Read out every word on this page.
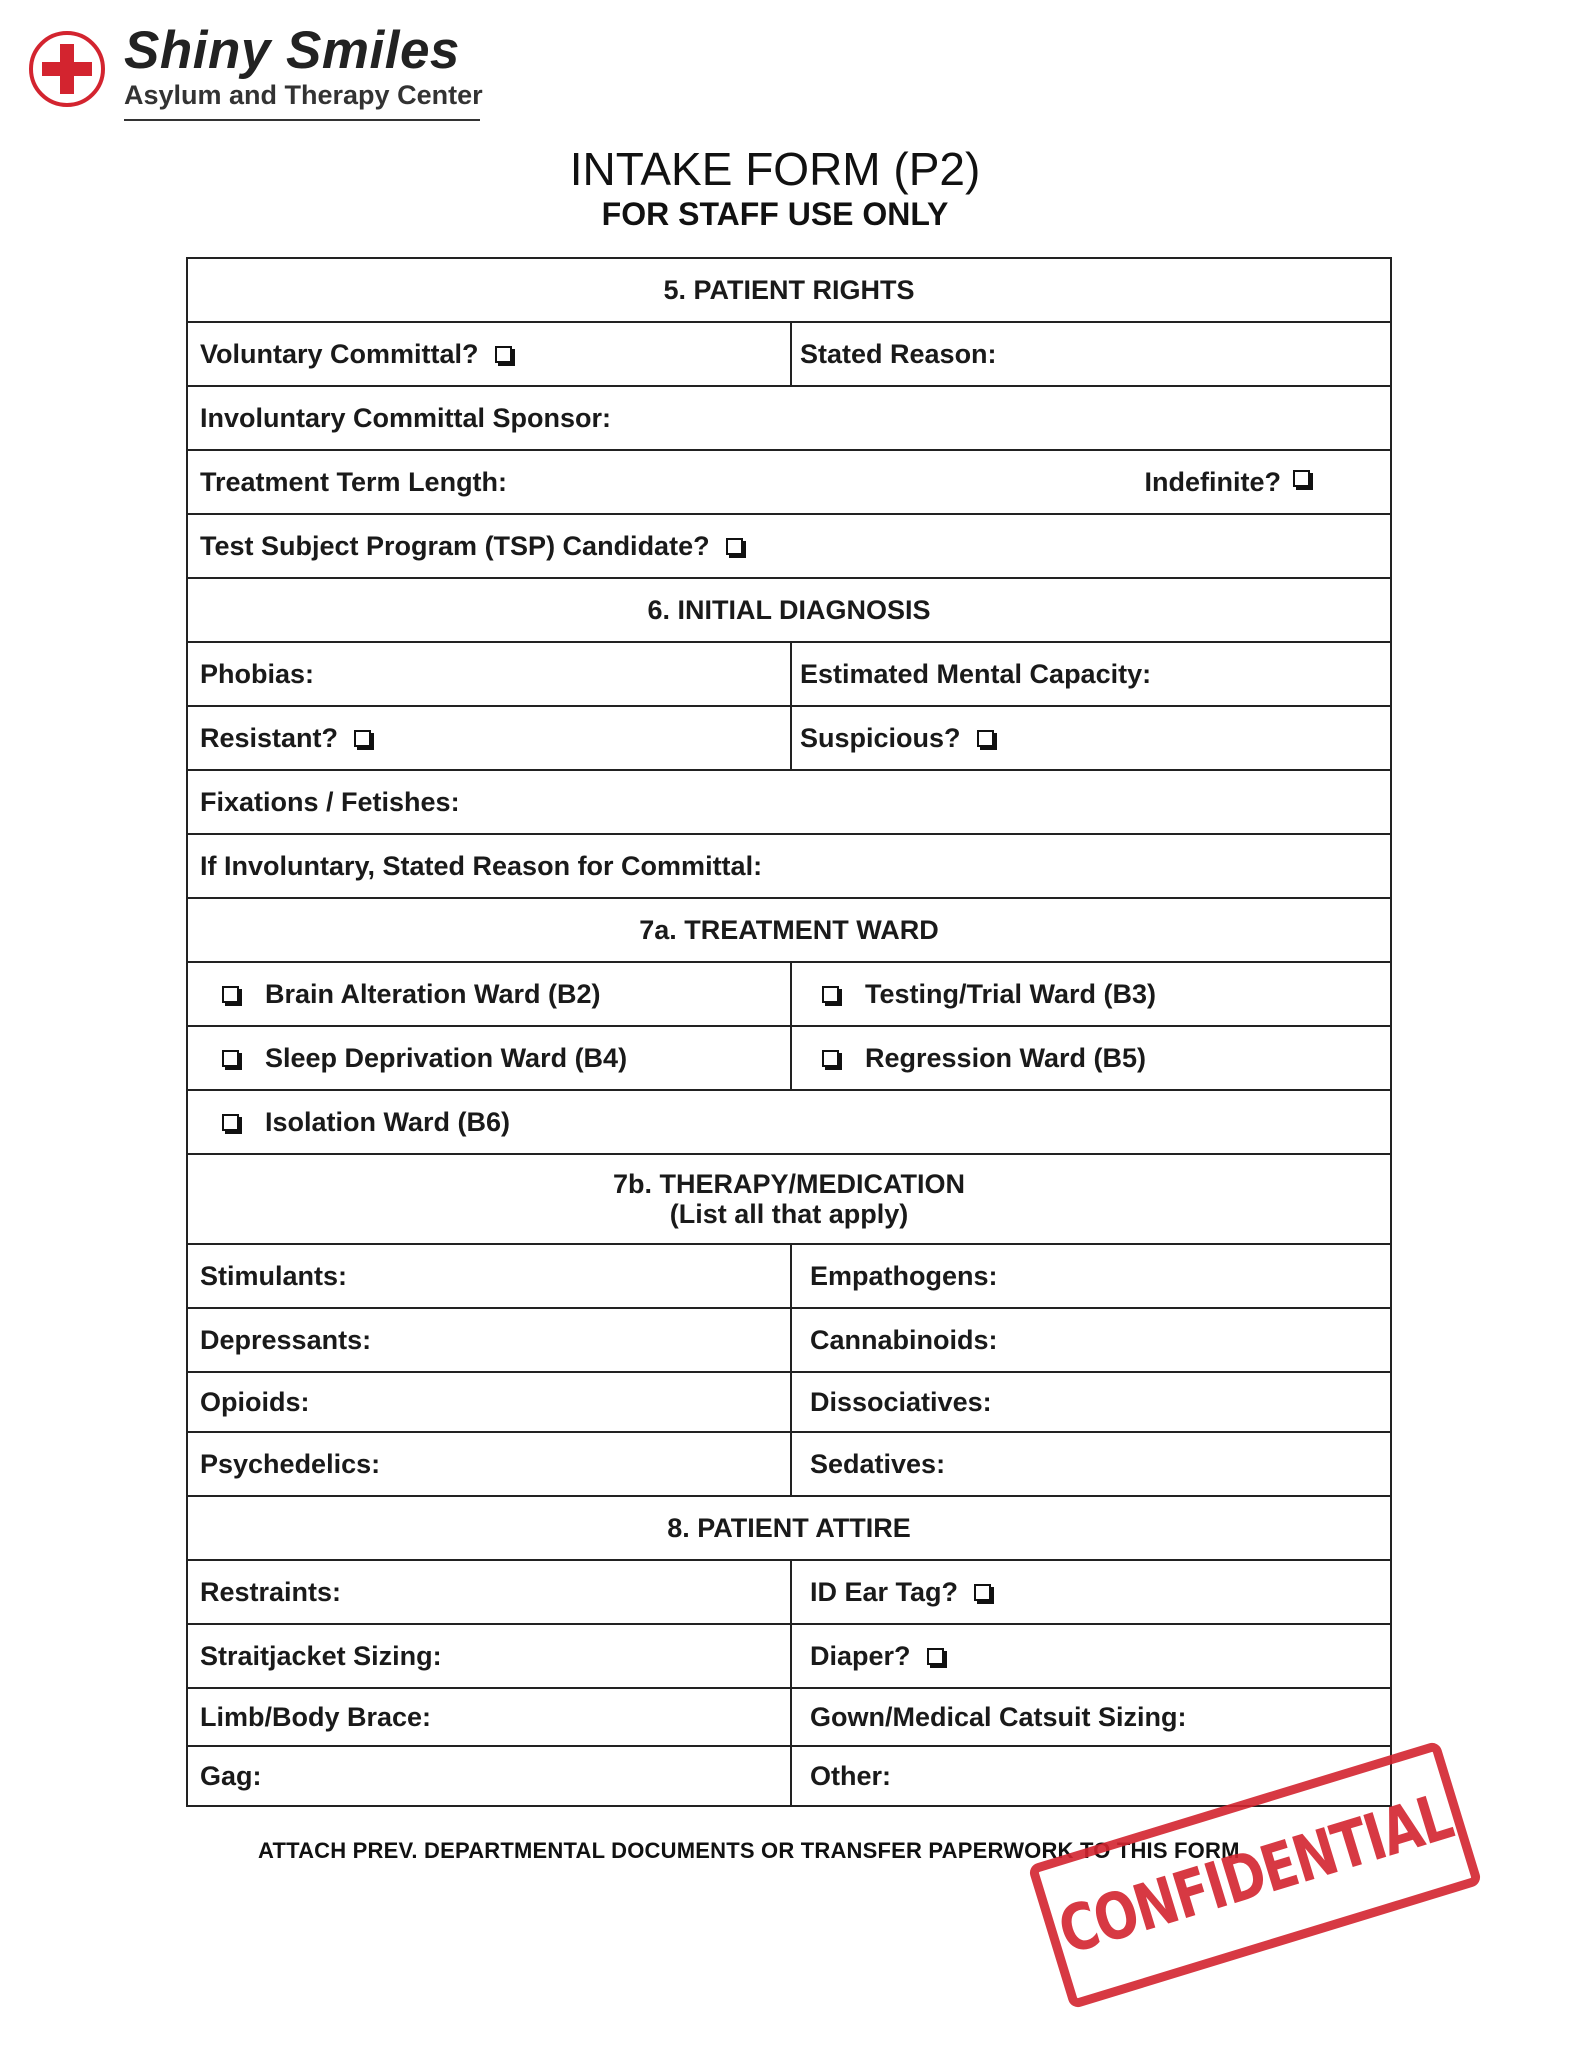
Shiny Smiles
Asylum and Therapy Center
INTAKE FORM (P2)
FOR STAFF USE ONLY
5. PATIENT RIGHTS
Voluntary Committal?	Stated Reason:
Involuntary Committal Sponsor:
Treatment Term Length:	Indefinite?
Test Subject Program (TSP) Candidate?
6. INITIAL DIAGNOSIS
Phobias:	Estimated Mental Capacity:
Resistant?	Suspicious?
Fixations / Fetishes:
If Involuntary, Stated Reason for Committal:
7a. TREATMENT WARD
Brain Alteration Ward (B2)	Testing/Trial Ward (B3)
Sleep Deprivation Ward (B4)	Regression Ward (B5)
Isolation Ward (B6)
7b. THERAPY/MEDICATION
(List all that apply)
Stimulants:	Empathogens:
Depressants:	Cannabinoids:
Opioids:	Dissociatives:
Psychedelics:	Sedatives:
8. PATIENT ATTIRE
Restraints:	ID Ear Tag?
Straitjacket Sizing:	Diaper?
Limb/Body Brace:	Gown/Medical Catsuit Sizing:
Gag:	Other:
ATTACH PREV. DEPARTMENTAL DOCUMENTS OR TRANSFER PAPERWORK TO THIS FORM
CONFIDENTIAL
